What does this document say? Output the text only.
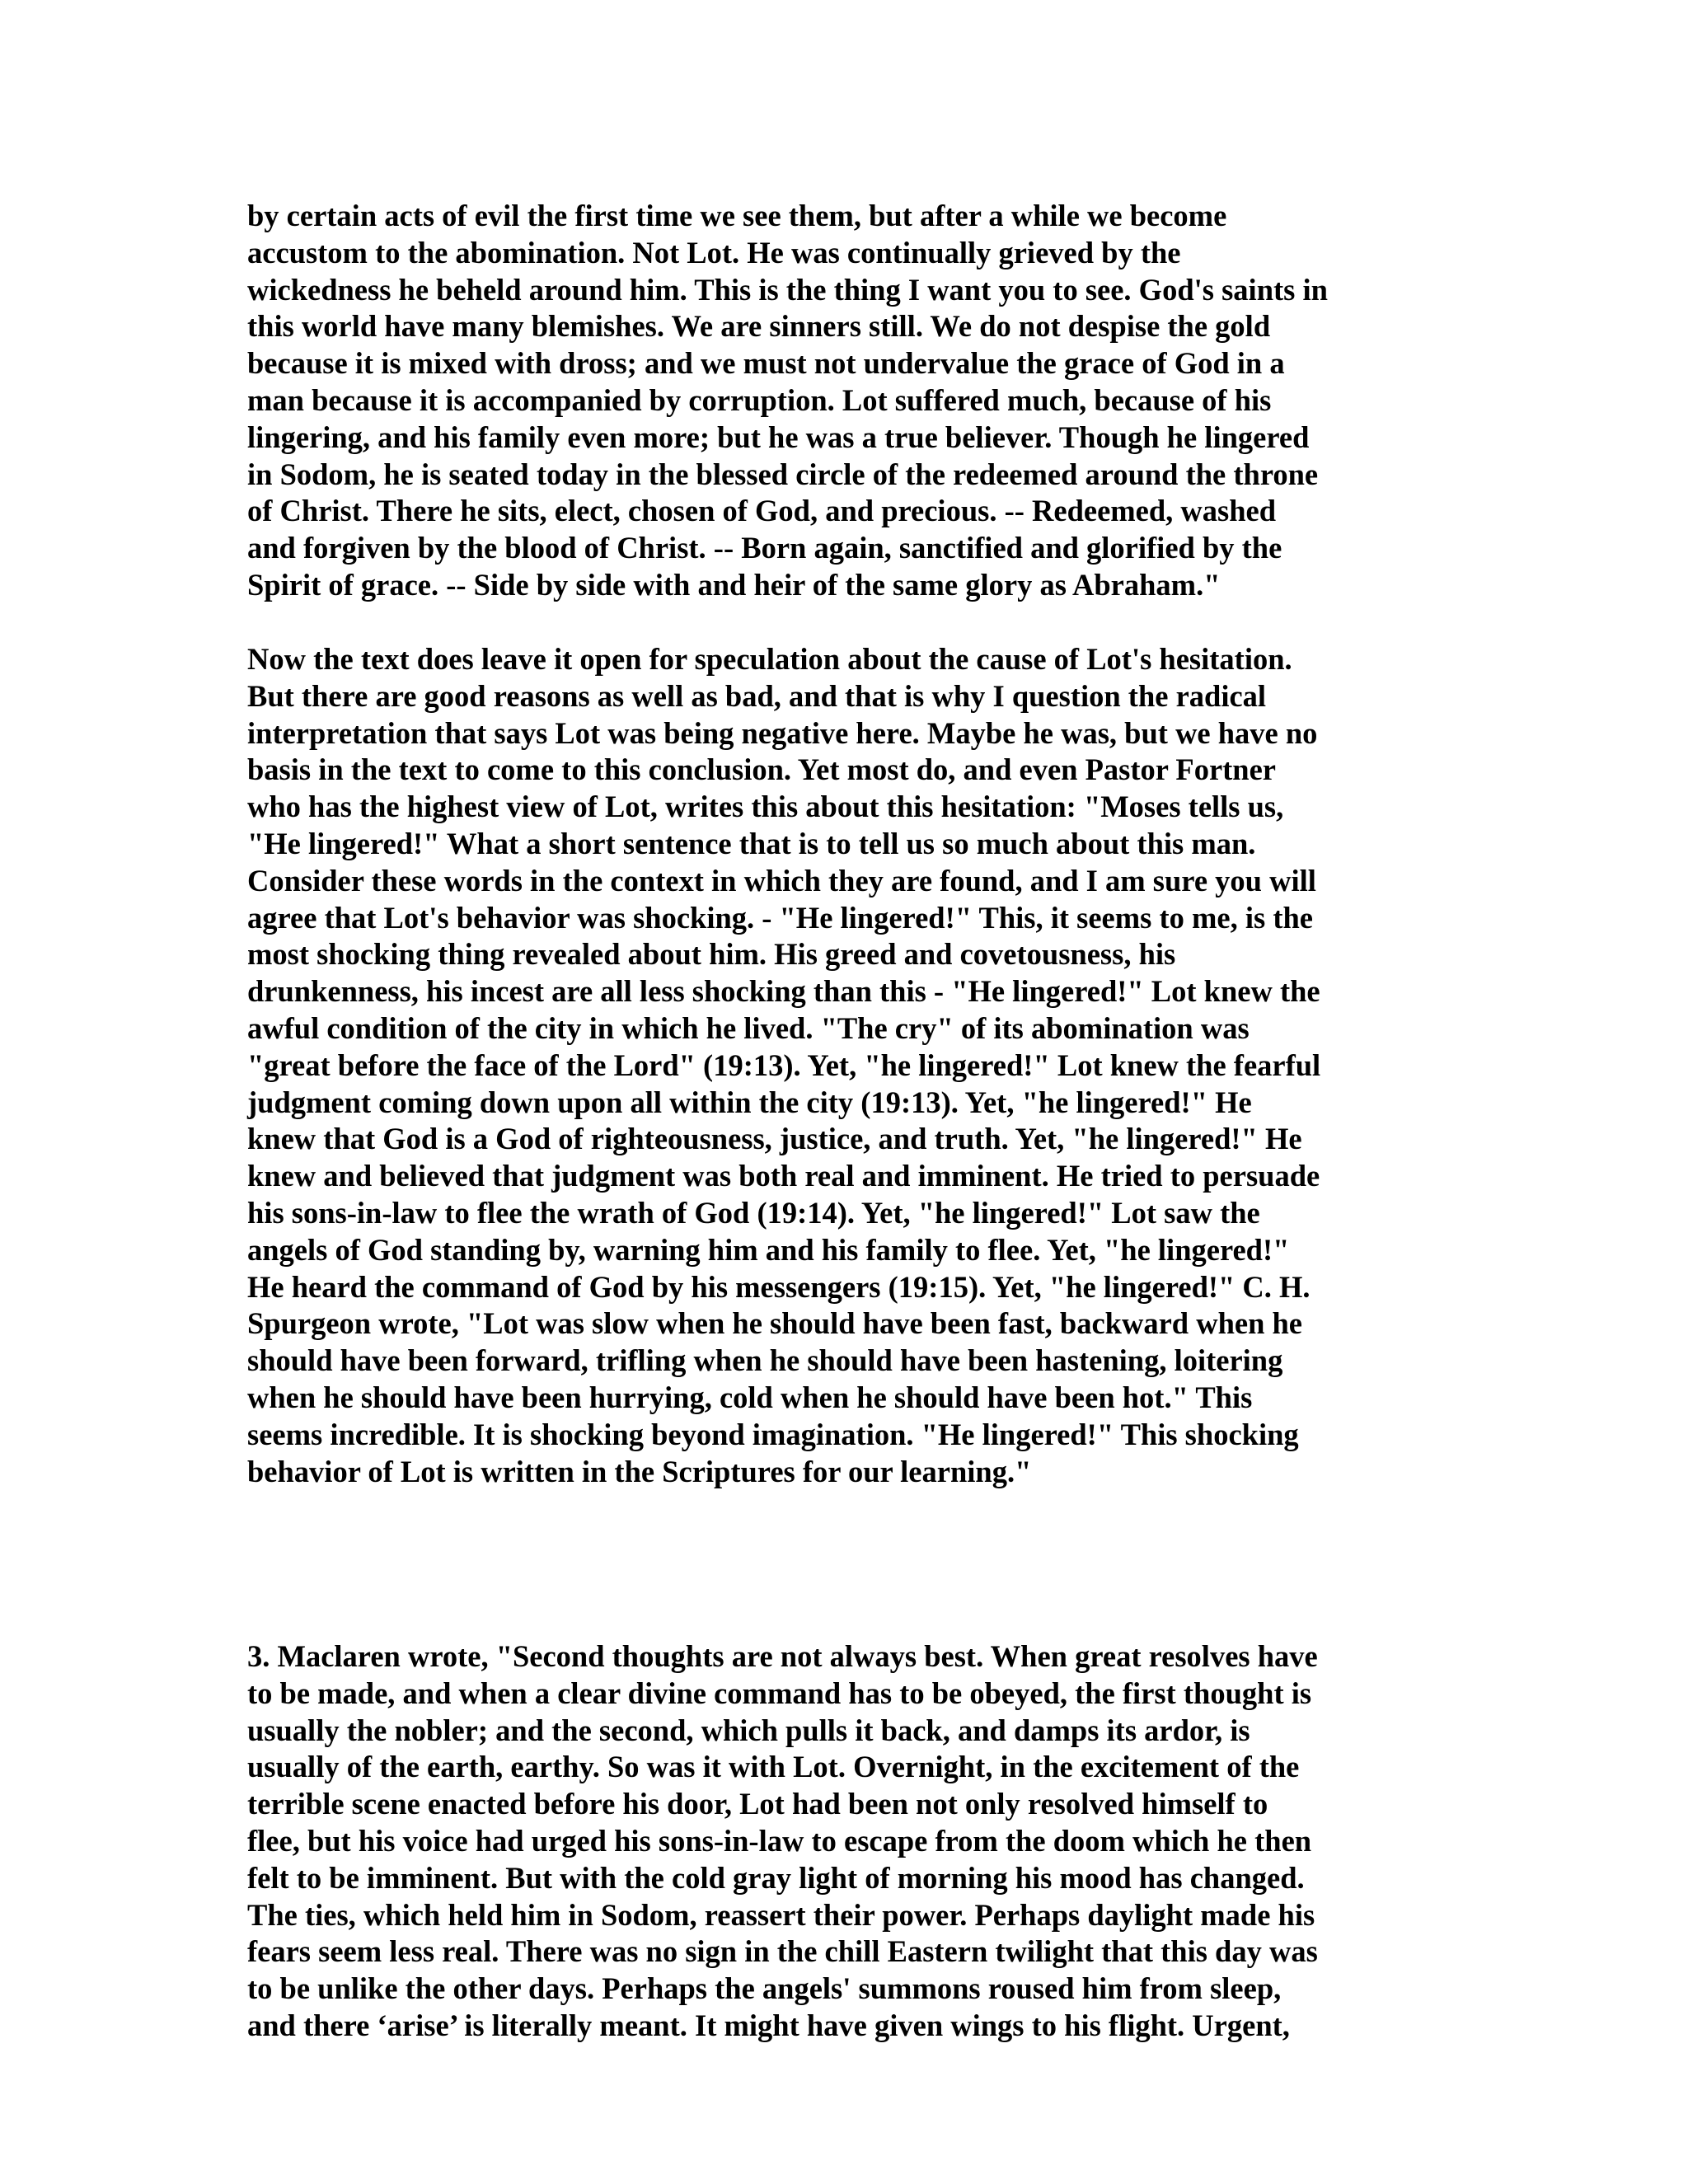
by certain acts of evil the first time we see them, but after a while we become
accustom to the abomination. Not Lot. He was continually grieved by the
wickedness he beheld around him. This is the thing I want you to see. God's saints in
this world have many blemishes. We are sinners still. We do not despise the gold
because it is mixed with dross; and we must not undervalue the grace of God in a
man because it is accompanied by corruption. Lot suffered much, because of his
lingering, and his family even more; but he was a true believer. Though he lingered
in Sodom, he is seated today in the blessed circle of the redeemed around the throne
of Christ. There he sits, elect, chosen of God, and precious. -- Redeemed, washed
and forgiven by the blood of Christ. -- Born again, sanctified and glorified by the
Spirit of grace. -- Side by side with and heir of the same glory as Abraham."
Now the text does leave it open for speculation about the cause of Lot's hesitation.
But there are good reasons as well as bad, and that is why I question the radical
interpretation that says Lot was being negative here. Maybe he was, but we have no
basis in the text to come to this conclusion. Yet most do, and even Pastor Fortner
who has the highest view of Lot, writes this about this hesitation: "Moses tells us,
"He lingered!" What a short sentence that is to tell us so much about this man.
Consider these words in the context in which they are found, and I am sure you will
agree that Lot's behavior was shocking. - "He lingered!" This, it seems to me, is the
most shocking thing revealed about him. His greed and covetousness, his
drunkenness, his incest are all less shocking than this - "He lingered!" Lot knew the
awful condition of the city in which he lived. "The cry" of its abomination was
"great before the face of the Lord" (19:13). Yet, "he lingered!" Lot knew the fearful
judgment coming down upon all within the city (19:13). Yet, "he lingered!" He
knew that God is a God of righteousness, justice, and truth. Yet, "he lingered!" He
knew and believed that judgment was both real and imminent. He tried to persuade
his sons-in-law to flee the wrath of God (19:14). Yet, "he lingered!" Lot saw the
angels of God standing by, warning him and his family to flee. Yet, "he lingered!"
He heard the command of God by his messengers (19:15). Yet, "he lingered!" C. H.
Spurgeon wrote, "Lot was slow when he should have been fast, backward when he
should have been forward, trifling when he should have been hastening, loitering
when he should have been hurrying, cold when he should have been hot." This
seems incredible. It is shocking beyond imagination. "He lingered!" This shocking
behavior of Lot is written in the Scriptures for our learning."
3. Maclaren wrote, "Second thoughts are not always best. When great resolves have
to be made, and when a clear divine command has to be obeyed, the first thought is
usually the nobler; and the second, which pulls it back, and damps its ardor, is
usually of the earth, earthy. So was it with Lot. Overnight, in the excitement of the
terrible scene enacted before his door, Lot had been not only resolved himself to
flee, but his voice had urged his sons-in-law to escape from the doom which he then
felt to be imminent. But with the cold gray light of morning his mood has changed.
The ties, which held him in Sodom, reassert their power. Perhaps daylight made his
fears seem less real. There was no sign in the chill Eastern twilight that this day was
to be unlike the other days. Perhaps the angels' summons roused him from sleep,
and there ‘arise’ is literally meant. It might have given wings to his flight. Urgent,
